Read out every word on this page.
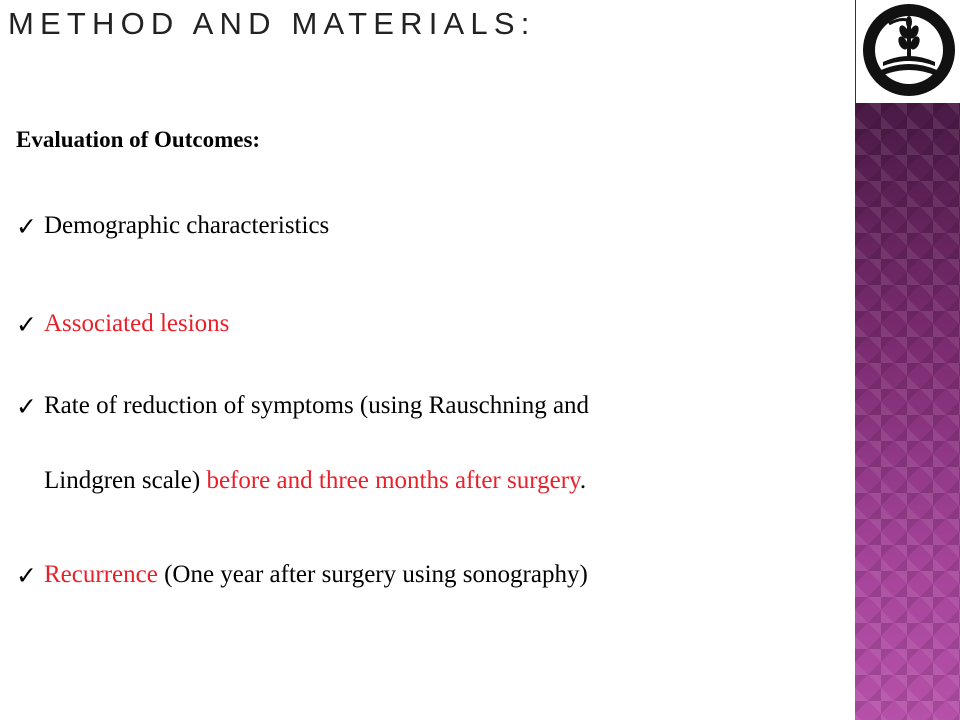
METHOD AND MATERIALS:
Evaluation of Outcomes:
✓ Demographic characteristics
✓ Associated lesions
✓ Rate of reduction of symptoms (using Rauschning and
Lindgren scale) before and three months after surgery.
✓ Recurrence (One year after surgery using sonography)
